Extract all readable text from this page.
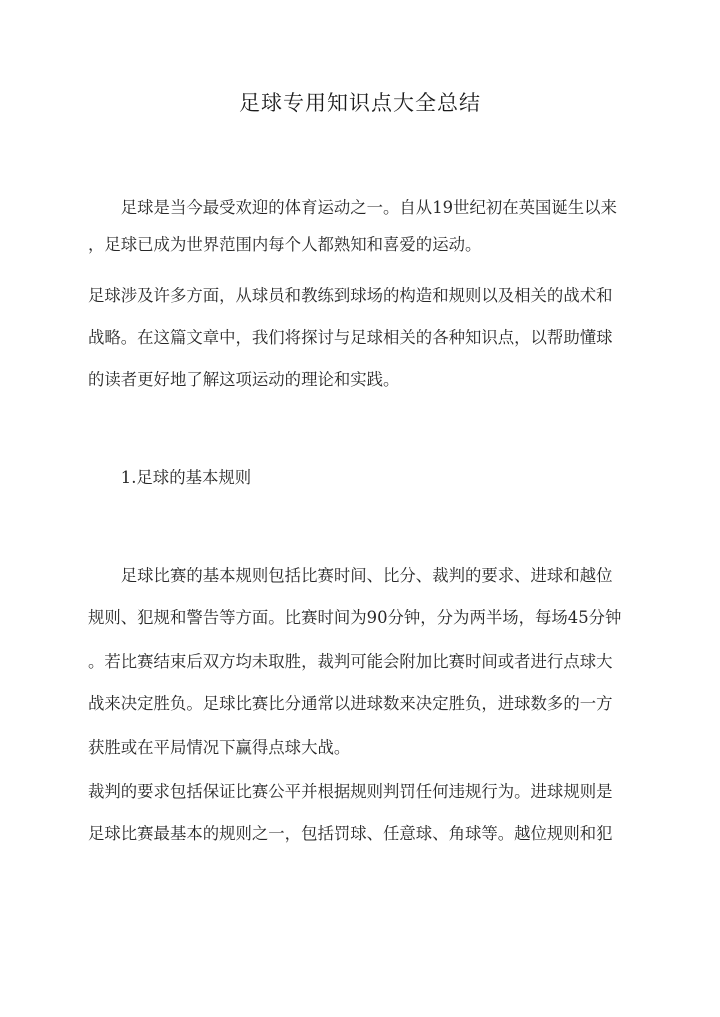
足球专用知识点大全总结
　　足球是当今最受欢迎的体育运动之一。自从19世纪初在英国诞生以来
，足球已成为世界范围内每个人都熟知和喜爱的运动。
足球涉及许多方面，从球员和教练到球场的构造和规则以及相关的战术和
战略。在这篇文章中，我们将探讨与足球相关的各种知识点，以帮助懂球
的读者更好地了解这项运动的理论和实践。
　　1.足球的基本规则
　　足球比赛的基本规则包括比赛时间、比分、裁判的要求、进球和越位
规则、犯规和警告等方面。比赛时间为90分钟，分为两半场，每场45分钟
。若比赛结束后双方均未取胜，裁判可能会附加比赛时间或者进行点球大
战来决定胜负。足球比赛比分通常以进球数来决定胜负，进球数多的一方
获胜或在平局情况下赢得点球大战。
裁判的要求包括保证比赛公平并根据规则判罚任何违规行为。进球规则是
足球比赛最基本的规则之一，包括罚球、任意球、角球等。越位规则和犯
